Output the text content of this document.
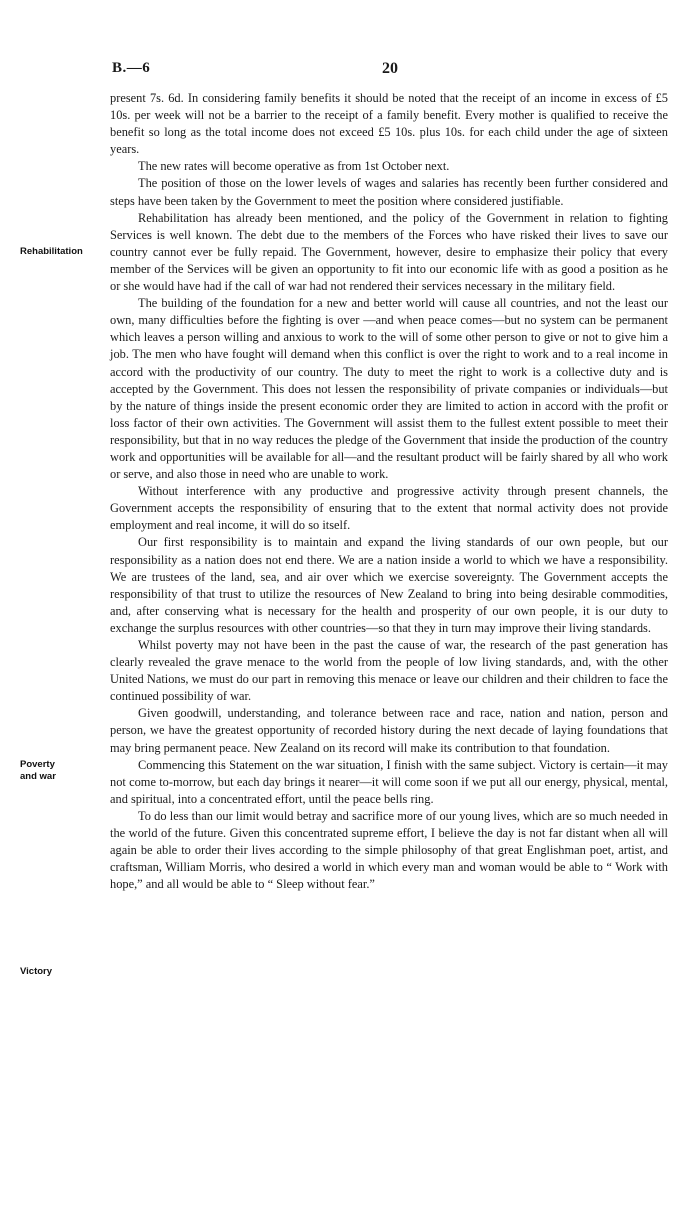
B.—6	20
Rehabilitation
Poverty
and war
Victory

present 7s. 6d. In considering family benefits it should be noted that the receipt of an income in excess of £5 10s. per week will not be a barrier to the receipt of a family benefit. Every mother is qualified to receive the benefit so long as the total income does not exceed £5 10s. plus 10s. for each child under the age of sixteen years.

The new rates will become operative as from 1st October next.

The position of those on the lower levels of wages and salaries has recently been further considered and steps have been taken by the Government to meet the position where considered justifiable.

Rehabilitation has already been mentioned, and the policy of the Government in relation to fighting Services is well known. The debt due to the members of the Forces who have risked their lives to save our country cannot ever be fully repaid. The Government, however, desire to emphasize their policy that every member of the Services will be given an opportunity to fit into our economic life with as good a position as he or she would have had if the call of war had not rendered their services necessary in the military field.

The building of the foundation for a new and better world will cause all countries, and not the least our own, many difficulties before the fighting is over —and when peace comes—but no system can be permanent which leaves a person willing and anxious to work to the will of some other person to give or not to give him a job. The men who have fought will demand when this conflict is over the right to work and to a real income in accord with the productivity of our country. The duty to meet the right to work is a collective duty and is accepted by the Government. This does not lessen the responsibility of private companies or individuals—but by the nature of things inside the present economic order they are limited to action in accord with the profit or loss factor of their own activities. The Government will assist them to the fullest extent possible to meet their responsibility, but that in no way reduces the pledge of the Government that inside the production of the country work and opportunities will be available for all—and the resultant product will be fairly shared by all who work or serve, and also those in need who are unable to work.

Without interference with any productive and progressive activity through present channels, the Government accepts the responsibility of ensuring that to the extent that normal activity does not provide employment and real income, it will do so itself.

Our first responsibility is to maintain and expand the living standards of our own people, but our responsibility as a nation does not end there. We are a nation inside a world to which we have a responsibility. We are trustees of the land, sea, and air over which we exercise sovereignty. The Government accepts the responsibility of that trust to utilize the resources of New Zealand to bring into being desirable commodities, and, after conserving what is necessary for the health and prosperity of our own people, it is our duty to exchange the surplus resources with other countries—so that they in turn may improve their living standards.

Whilst poverty may not have been in the past the cause of war, the research of the past generation has clearly revealed the grave menace to the world from the people of low living standards, and, with the other United Nations, we must do our part in removing this menace or leave our children and their children to face the continued possibility of war.

Given goodwill, understanding, and tolerance between race and race, nation and nation, person and person, we have the greatest opportunity of recorded history during the next decade of laying foundations that may bring permanent peace. New Zealand on its record will make its contribution to that foundation.

Commencing this Statement on the war situation, I finish with the same subject. Victory is certain—it may not come to-morrow, but each day brings it nearer—it will come soon if we put all our energy, physical, mental, and spiritual, into a concentrated effort, until the peace bells ring.

To do less than our limit would betray and sacrifice more of our young lives, which are so much needed in the world of the future. Given this concentrated supreme effort, I believe the day is not far distant when all will again be able to order their lives according to the simple philosophy of that great Englishman poet, artist, and craftsman, William Morris, who desired a world in which every man and woman would be able to “ Work with hope,” and all would be able to “ Sleep without fear.”
